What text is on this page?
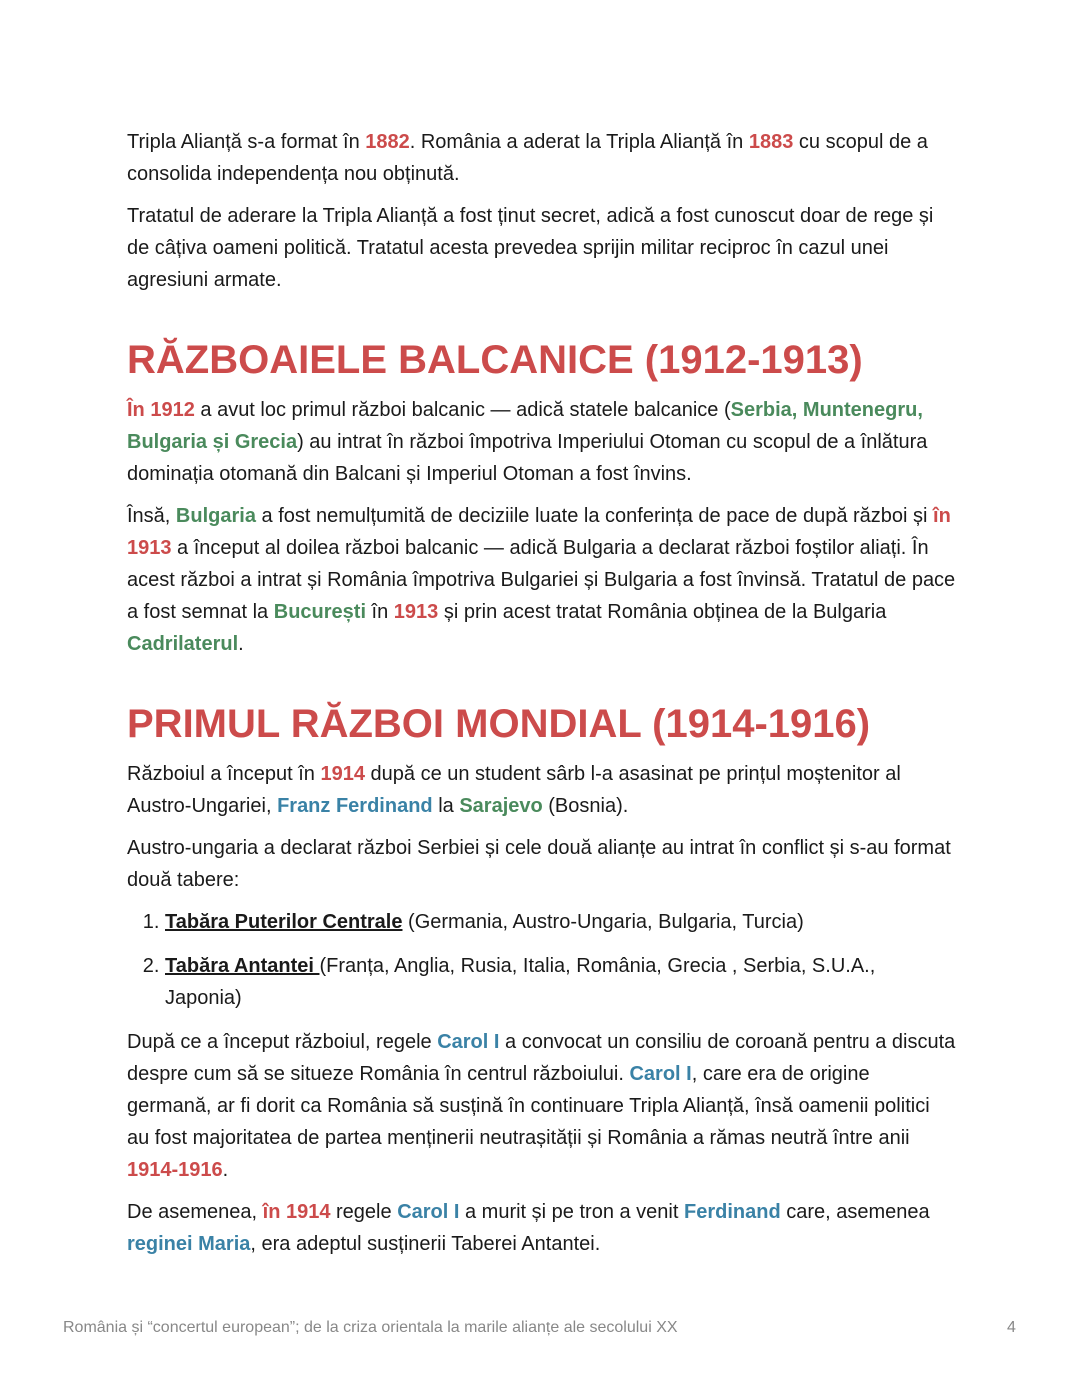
Tripla Alianță s-a format în 1882. România a aderat la Tripla Alianță în 1883 cu scopul de a consolida independența nou obținută.

Tratatul de aderare la Tripla Alianță a fost ținut secret, adică a fost cunoscut doar de rege și de câțiva oameni politică. Tratatul acesta prevedea sprijin militar reciproc în cazul unei agresiuni armate.

RĂZBOAIELE BALCANICE (1912-1913)

În 1912 a avut loc primul război balcanic — adică statele balcanice (Serbia, Muntenegru, Bulgaria și Grecia) au intrat în război împotriva Imperiului Otoman cu scopul de a înlătura dominația otomană din Balcani și Imperiul Otoman a fost învins.

Însă, Bulgaria a fost nemulțumită de deciziile luate la conferința de pace de după război și în 1913 a început al doilea război balcanic — adică Bulgaria a declarat război foștilor aliați. În acest război a intrat și România împotriva Bulgariei și Bulgaria a fost învinsă. Tratatul de pace a fost semnat la București în 1913 și prin acest tratat România obținea de la Bulgaria Cadrilaterul.

PRIMUL RĂZBOI MONDIAL (1914-1916)

Războiul a început în 1914 după ce un student sârb l-a asasinat pe prințul moștenitor al Austro-Ungariei, Franz Ferdinand la Sarajevo (Bosnia).

Austro-ungaria a declarat război Serbiei și cele două alianțe au intrat în conflict și s-au format două tabere:

1. Tabăra Puterilor Centrale (Germania, Austro-Ungaria, Bulgaria, Turcia)
2. Tabăra Antantei (Franța, Anglia, Rusia, Italia, România, Grecia , Serbia, S.U.A., Japonia)

După ce a început războiul, regele Carol I a convocat un consiliu de coroană pentru a discuta despre cum să se situeze România în centrul războiului. Carol I, care era de origine germană, ar fi dorit ca România să susțină în continuare Tripla Alianță, însă oamenii politici au fost majoritatea de partea menținerii neutrașității și România a rămas neutră între anii 1914-1916.

De asemenea, în 1914 regele Carol I a murit și pe tron a venit Ferdinand care, asemenea reginei Maria, era adeptul susținerii Taberei Antantei.

România și “concertul european”; de la criza orientala la marile alianțe ale secolului XX	4
